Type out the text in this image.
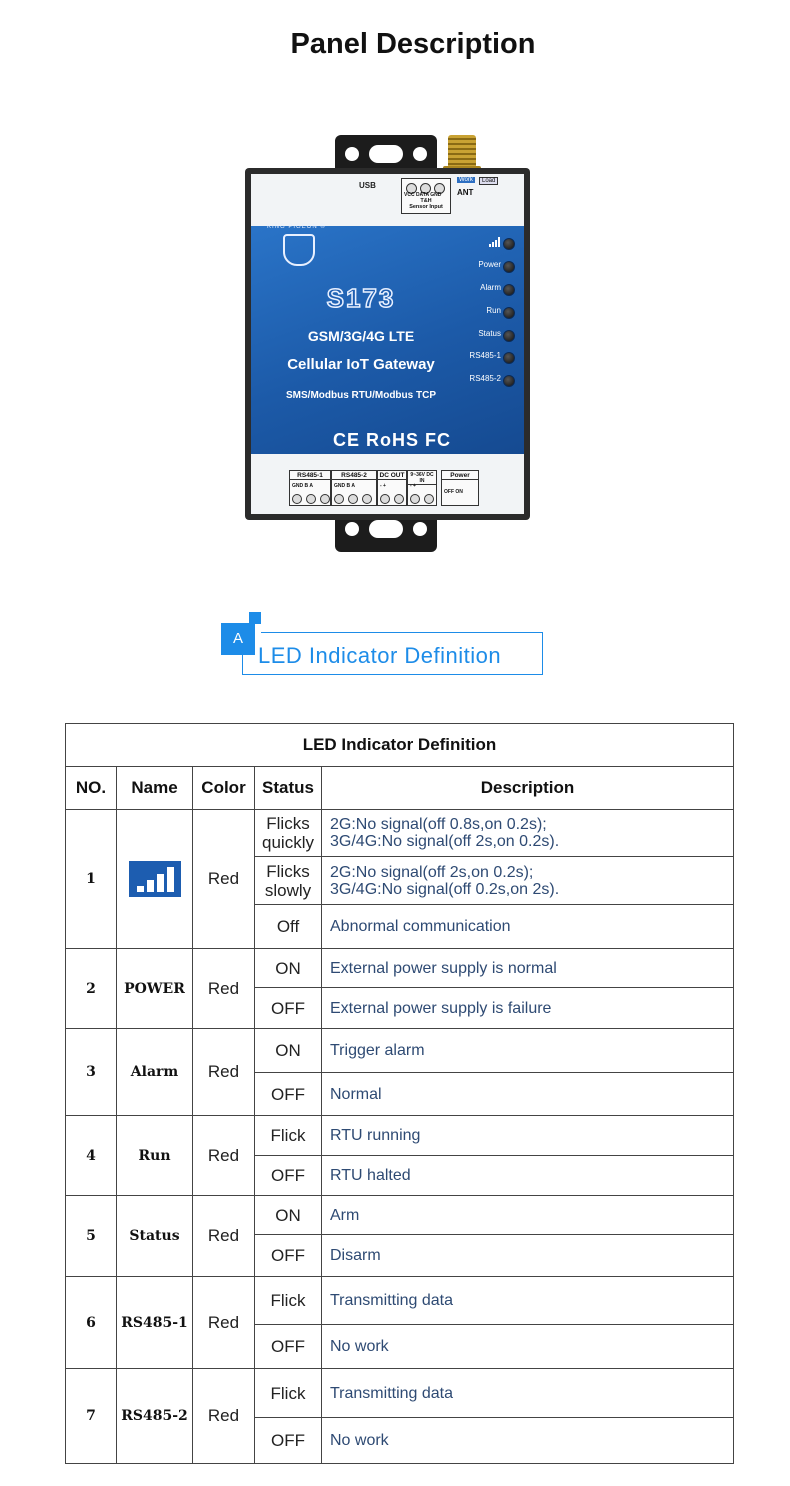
Panel Description
USB
VCC DATA GND
T&H
Sensor Input
Work	Load
ANT
KING PIGEON ®
S173
GSM/3G/4G LTE
Cellular IoT Gateway
SMS/Modbus RTU/Modbus TCP
CE RoHS FC
Power
Alarm
Run
Status
RS485-1
RS485-2
RS485-1
GND B A
RS485-2
GND B A
DC OUT
- +
9~36V DC IN
- +
Power
OFF ON
A
LED Indicator Definition
LED Indicator Definition				
NO.	Name	Color	Status	Description
1		Red	Flicks quickly	2G:No signal(off 0.8s,on 0.2s);
3G/4G:No signal(off 2s,on 0.2s).

			Flicks slowly	2G:No signal(off 2s,on 0.2s);
3G/4G:No signal(off 0.2s,on 2s).

			Off	Abnormal communication
2	POWER	Red	ON	External power supply is normal
			OFF	External power supply is failure
3	Alarm	Red	ON	Trigger alarm
			OFF	Normal
4	Run	Red	Flick	RTU running
			OFF	RTU halted
5	Status	Red	ON	Arm
			OFF	Disarm
6	RS485-1	Red	Flick	Transmitting data
			OFF	No work
7	RS485-2	Red	Flick	Transmitting data
			OFF	No work
